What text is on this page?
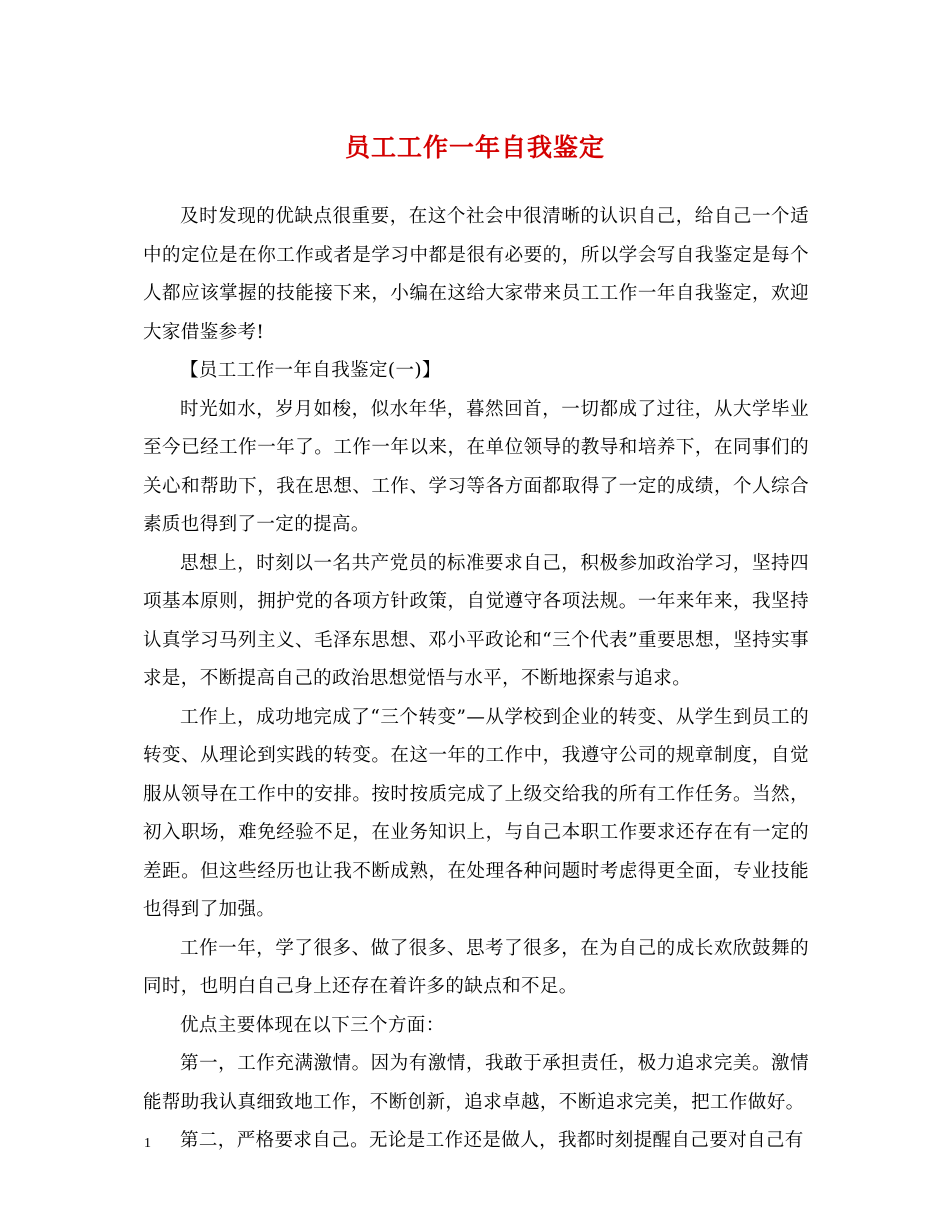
员工工作一年自我鉴定

及时发现的优缺点很重要，在这个社会中很清晰的认识自己，给自己一个适中的定位是在你工作或者是学习中都是很有必要的，所以学会写自我鉴定是每个人都应该掌握的技能接下来，小编在这给大家带来员工工作一年自我鉴定，欢迎大家借鉴参考!

【员工工作一年自我鉴定(一)】

时光如水，岁月如梭，似水年华，暮然回首，一切都成了过往，从大学毕业至今已经工作一年了。工作一年以来，在单位领导的教导和培养下，在同事们的关心和帮助下，我在思想、工作、学习等各方面都取得了一定的成绩，个人综合素质也得到了一定的提高。

思想上，时刻以一名共产党员的标准要求自己，积极参加政治学习，坚持四项基本原则，拥护党的各项方针政策，自觉遵守各项法规。一年来年来，我坚持认真学习马列主义、毛泽东思想、邓小平政论和“三个代表”重要思想，坚持实事求是，不断提高自己的政治思想觉悟与水平，不断地探索与追求。

工作上，成功地完成了“三个转变”—从学校到企业的转变、从学生到员工的转变、从理论到实践的转变。在这一年的工作中，我遵守公司的规章制度，自觉服从领导在工作中的安排。按时按质完成了上级交给我的所有工作任务。当然，初入职场，难免经验不足，在业务知识上，与自己本职工作要求还存在有一定的差距。但这些经历也让我不断成熟，在处理各种问题时考虑得更全面，专业技能也得到了加强。

工作一年，学了很多、做了很多、思考了很多，在为自己的成长欢欣鼓舞的同时，也明白自己身上还存在着许多的缺点和不足。

优点主要体现在以下三个方面：

第一，工作充满激情。因为有激情，我敢于承担责任，极力追求完美。激情能帮助我认真细致地工作，不断创新，追求卓越，不断追求完美，把工作做好。

第二，严格要求自己。无论是工作还是做人，我都时刻提醒自己要对自己有

1
